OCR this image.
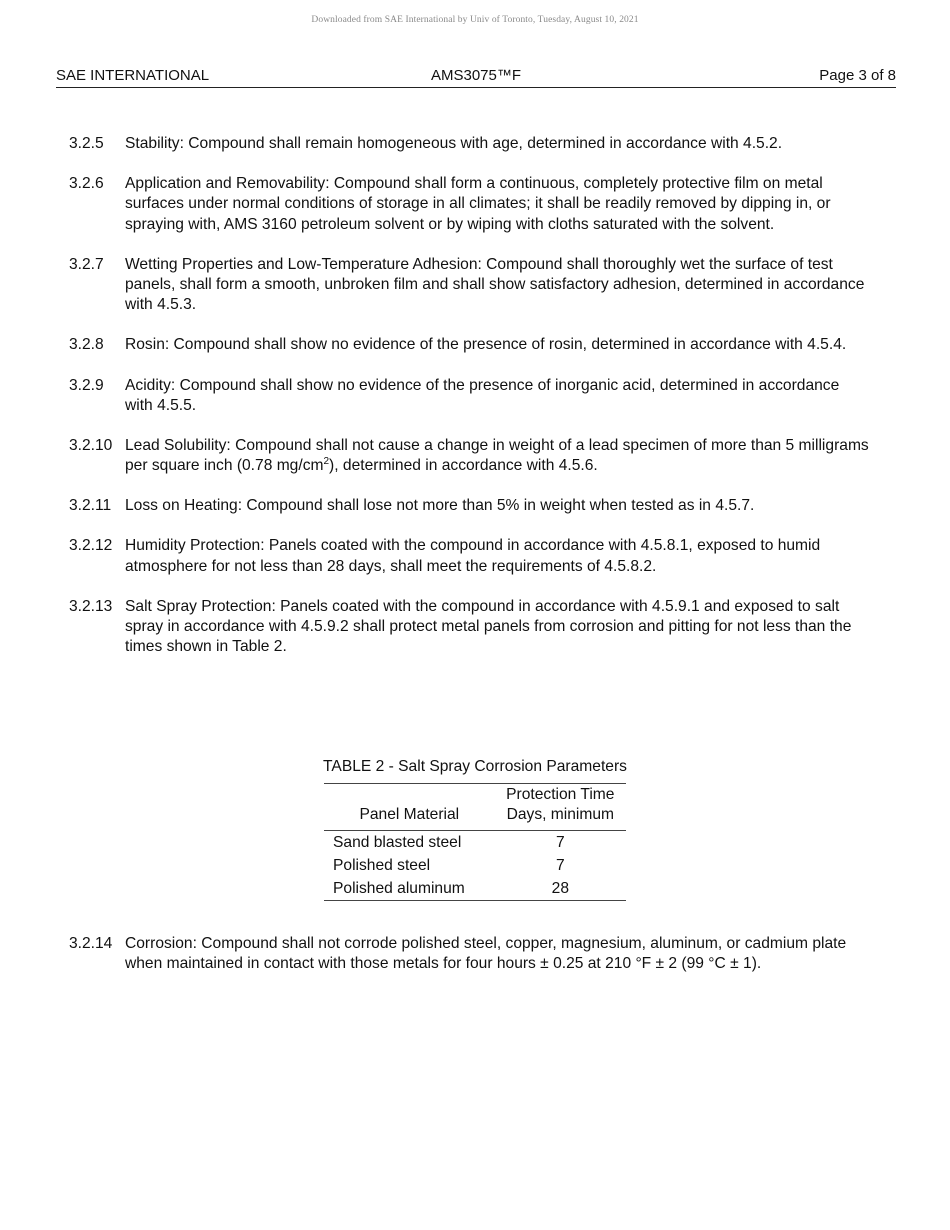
Downloaded from SAE International by Univ of Toronto, Tuesday, August 10, 2021
AMS3075™F
SAE INTERNATIONAL	Page 3 of 8
3.2.5	Stability: Compound shall remain homogeneous with age, determined in accordance with 4.5.2.
3.2.6	Application and Removability: Compound shall form a continuous, completely protective film on metal surfaces under normal conditions of storage in all climates; it shall be readily removed by dipping in, or spraying with, AMS 3160 petroleum solvent or by wiping with cloths saturated with the solvent.
3.2.7	Wetting Properties and Low-Temperature Adhesion: Compound shall thoroughly wet the surface of test panels, shall form a smooth, unbroken film and shall show satisfactory adhesion, determined in accordance with 4.5.3.
3.2.8	Rosin: Compound shall show no evidence of the presence of rosin, determined in accordance with 4.5.4.
3.2.9	Acidity: Compound shall show no evidence of the presence of inorganic acid, determined in accordance with 4.5.5.
3.2.10 Lead Solubility: Compound shall not cause a change in weight of a lead specimen of more than 5 milligrams per square inch (0.78 $mg/cm^2$), determined in accordance with 4.5.6.
3.2.11 Loss on Heating: Compound shall lose not more than 5% in weight when tested as in 4.5.7.
3.2.12 Humidity Protection: Panels coated with the compound in accordance with 4.5.8.1, exposed to humid atmosphere for not less than 28 days, shall meet the requirements of 4.5.8.2.
3.2.13 Salt Spray Protection: Panels coated with the compound in accordance with 4.5.9.1 and exposed to salt spray in accordance with 4.5.9.2 shall protect metal panels from corrosion and pitting for not less than the times shown in Table 2.
TABLE 2 - Salt Spray Corrosion Parameters
Panel Material	Protection Time
Days, minimum
Sand blasted steel	7
Polished steel	7
Polished aluminum	28
3.2.14 Corrosion: Compound shall not corrode polished steel, copper, magnesium, aluminum, or cadmium plate when maintained in contact with those metals for four hours ± 0.25 at 210 °F ± 2 (99 °C ± 1).
